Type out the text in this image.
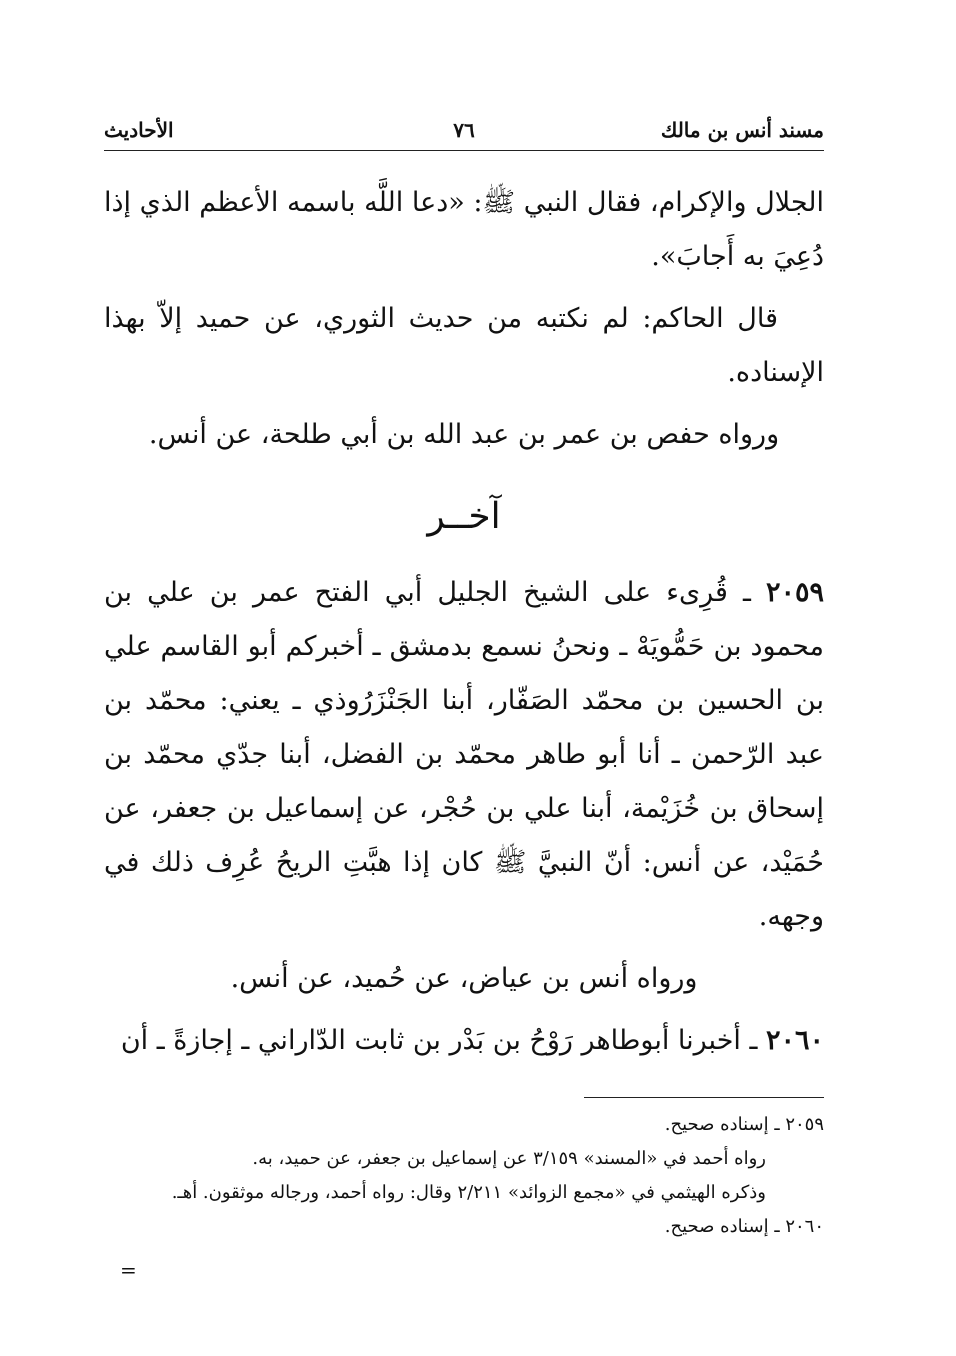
مسند أنس بن مالك
٧٦
الأحاديث

الجلال والإكرام، فقال النبي ﷺ: «دعا اللَّه باسمه الأعظم الذي إذا دُعِيَ به أَجابَ».

قال الحاكم: لم نكتبه من حديث الثوري، عن حميد إلاّ بهذا الإسناده.

ورواه حفص بن عمر بن عبد الله بن أبي طلحة، عن أنس.

آخــر

٢٠٥٩ ـ قُرِىء على الشيخ الجليل أبي الفتح عمر بن علي بن محمود بن حَمُّويَهْ ـ ونحنُ نسمع بدمشق ـ أخبركم أبو القاسم علي بن الحسين بن محمّد الصَفّار، أبنا الجَنْزَرُوذي ـ يعني: محمّد بن عبد الرّحمن ـ أنا أبو طاهر محمّد بن الفضل، أبنا جدّي محمّد بن إسحاق بن خُزَيْمة، أبنا علي بن حُجْر، عن إسماعيل بن جعفر، عن حُمَيْد، عن أنس: أنّ النبيَّ ﷺ كان إذا هبَّتِ الريحُ عُرِف ذلك في وجهه.

ورواه أنس بن عياض، عن حُميد، عن أنس.

٢٠٦٠ ـ أخبرنا أبوطاهر رَوْحُ بن بَدْر بن ثابت الدّاراني ـ إجازةً ـ أن

٢٠٥٩ ـ إسناده صحيح.

رواه أحمد في «المسند» ٣/١٥٩ عن إسماعيل بن جعفر، عن حميد، به.

وذكره الهيثمي في «مجمع الزوائد» ٢/٢١١ وقال: رواه أحمد، ورجاله موثقون. أهـ.

٢٠٦٠ ـ إسناده صحيح.

=
